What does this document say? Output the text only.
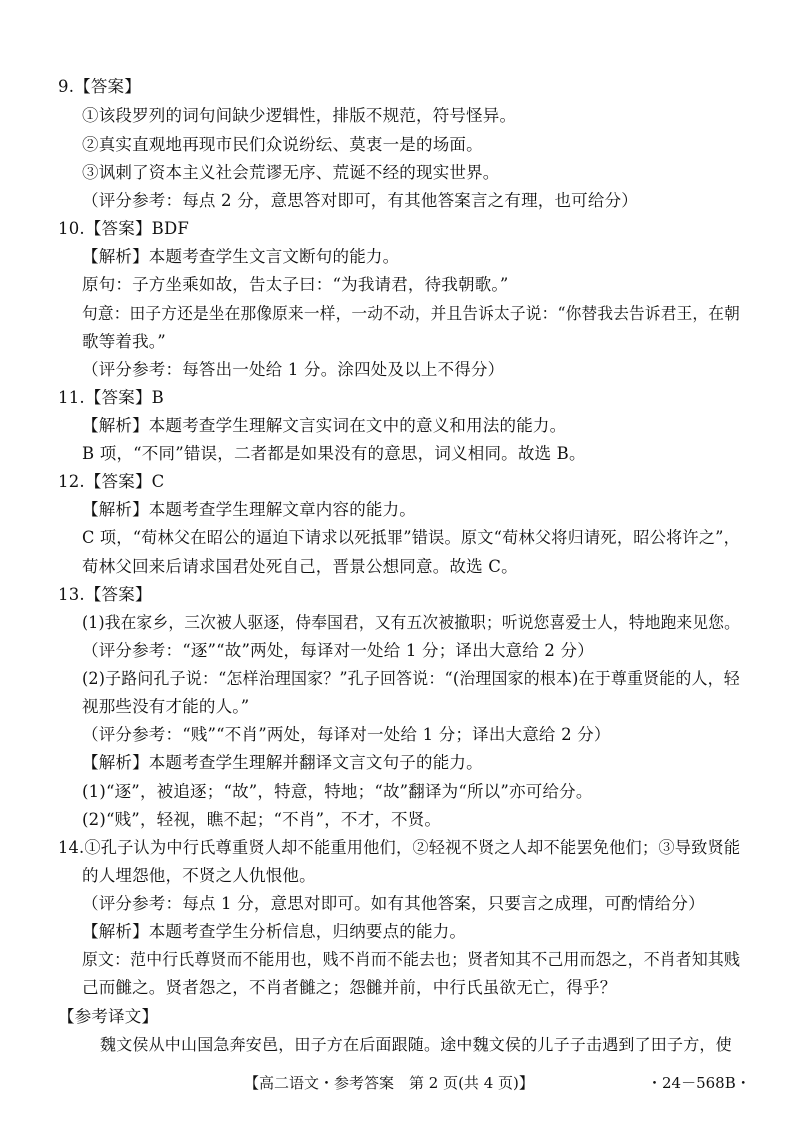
9.【答案】
①该段罗列的词句间缺少逻辑性，排版不规范，符号怪异。
②真实直观地再现市民们众说纷纭、莫衷一是的场面。
③讽刺了资本主义社会荒谬无序、荒诞不经的现实世界。
（评分参考：每点 2 分，意思答对即可，有其他答案言之有理，也可给分）
10.【答案】BDF
【解析】本题考查学生文言文断句的能力。
原句：子方坐乘如故，告太子曰：“为我请君，待我朝歌。”
句意：田子方还是坐在那像原来一样，一动不动，并且告诉太子说：“你替我去告诉君王，在朝
歌等着我。”
（评分参考：每答出一处给 1 分。涂四处及以上不得分）
11.【答案】B
【解析】本题考查学生理解文言实词在文中的意义和用法的能力。
B 项，“不同”错误，二者都是如果没有的意思，词义相同。故选 B。
12.【答案】C
【解析】本题考查学生理解文章内容的能力。
C 项，“荀林父在昭公的逼迫下请求以死抵罪”错误。原文“荀林父将归请死，昭公将许之”，
荀林父回来后请求国君处死自己，晋景公想同意。故选 C。
13.【答案】
(1)我在家乡，三次被人驱逐，侍奉国君，又有五次被撤职；听说您喜爱士人，特地跑来见您。
（评分参考：“逐”“故”两处，每译对一处给 1 分；译出大意给 2 分）
(2)子路问孔子说：“怎样治理国家？”孔子回答说：“(治理国家的根本)在于尊重贤能的人，轻
视那些没有才能的人。”
（评分参考：“贱”“不肖”两处，每译对一处给 1 分；译出大意给 2 分）
【解析】本题考查学生理解并翻译文言文句子的能力。
(1)“逐”，被追逐；“故”，特意，特地；“故”翻译为“所以”亦可给分。
(2)“贱”，轻视，瞧不起；“不肖”，不才，不贤。
14.①孔子认为中行氏尊重贤人却不能重用他们，②轻视不贤之人却不能罢免他们；③导致贤能
的人埋怨他，不贤之人仇恨他。
（评分参考：每点 1 分，意思对即可。如有其他答案，只要言之成理，可酌情给分）
【解析】本题考查学生分析信息，归纳要点的能力。
原文：范中行氏尊贤而不能用也，贱不肖而不能去也；贤者知其不己用而怨之，不肖者知其贱
己而雠之。贤者怨之，不肖者雠之；怨雠并前，中行氏虽欲无亡，得乎？
【参考译文】
魏文侯从中山国急奔安邑，田子方在后面跟随。途中魏文侯的儿子子击遇到了田子方，使
【高二语文・参考答案　第 2 页(共 4 页)】	・24－568B・
